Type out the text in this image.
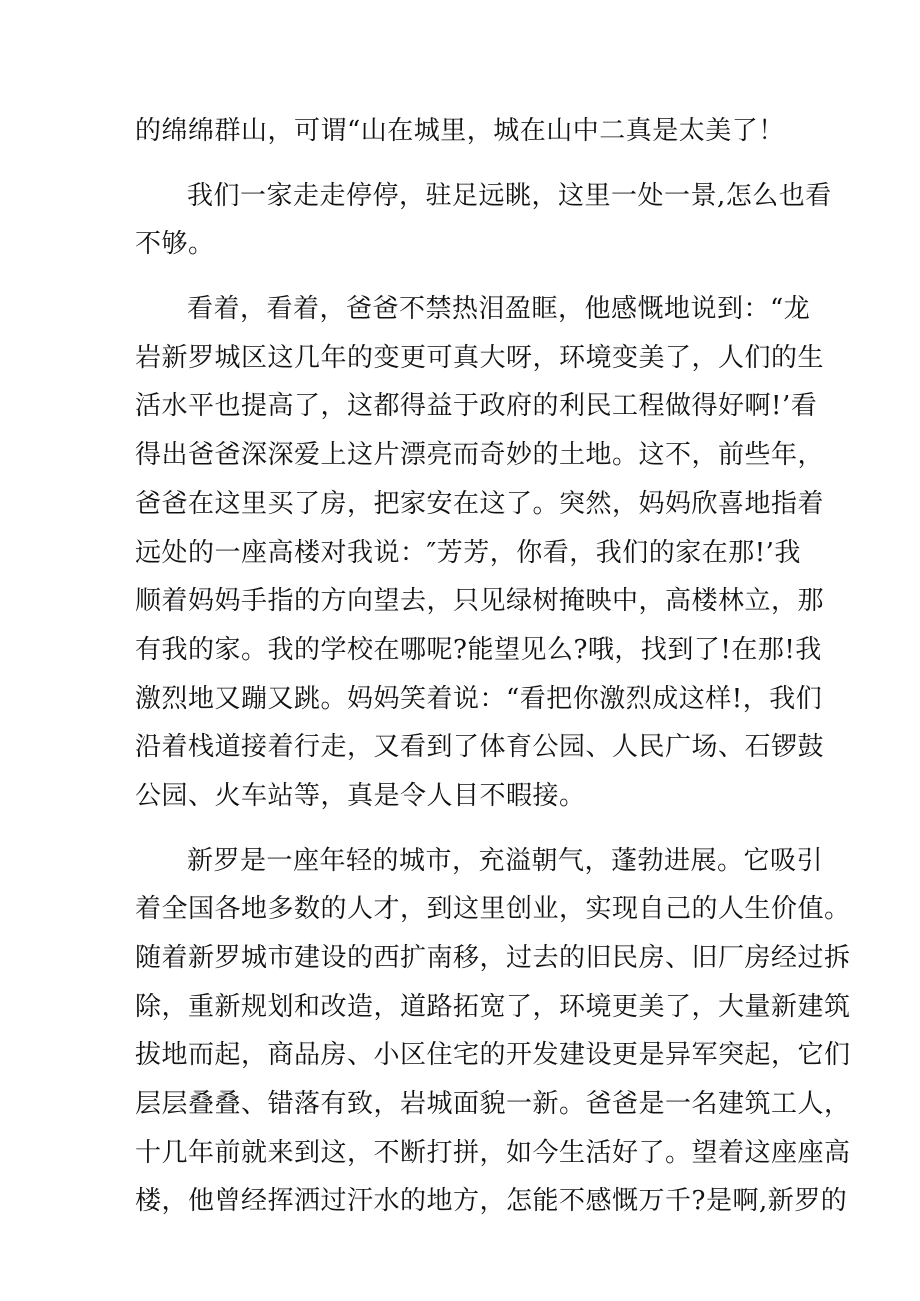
的绵绵群山，可谓“山在城里，城在山中二真是太美了！
我们一家走走停停，驻足远眺，这里一处一景,怎么也看
不够。
看着，看着，爸爸不禁热泪盈眶，他感慨地说到：“龙
岩新罗城区这几年的变更可真大呀，环境变美了，人们的生
活水平也提高了，这都得益于政府的利民工程做得好啊!’看
得出爸爸深深爱上这片漂亮而奇妙的土地。这不，前些年，
爸爸在这里买了房，把家安在这了。突然，妈妈欣喜地指着
远处的一座高楼对我说：″芳芳，你看，我们的家在那!’我
顺着妈妈手指的方向望去，只见绿树掩映中，高楼林立，那
有我的家。我的学校在哪呢?能望见么?哦，找到了!在那!我
激烈地又蹦又跳。妈妈笑着说：“看把你激烈成这样!，我们
沿着栈道接着行走，又看到了体育公园、人民广场、石锣鼓
公园、火车站等，真是令人目不暇接。
新罗是一座年轻的城市，充溢朝气，蓬勃进展。它吸引
着全国各地多数的人才，到这里创业，实现自己的人生价值。
随着新罗城市建设的西扩南移，过去的旧民房、旧厂房经过拆
除，重新规划和改造，道路拓宽了，环境更美了，大量新建筑
拔地而起，商品房、小区住宅的开发建设更是异军突起，它们
层层叠叠、错落有致，岩城面貌一新。爸爸是一名建筑工人，
十几年前就来到这，不断打拼，如今生活好了。望着这座座高
楼，他曾经挥洒过汗水的地方，怎能不感慨万千?是啊,新罗的
